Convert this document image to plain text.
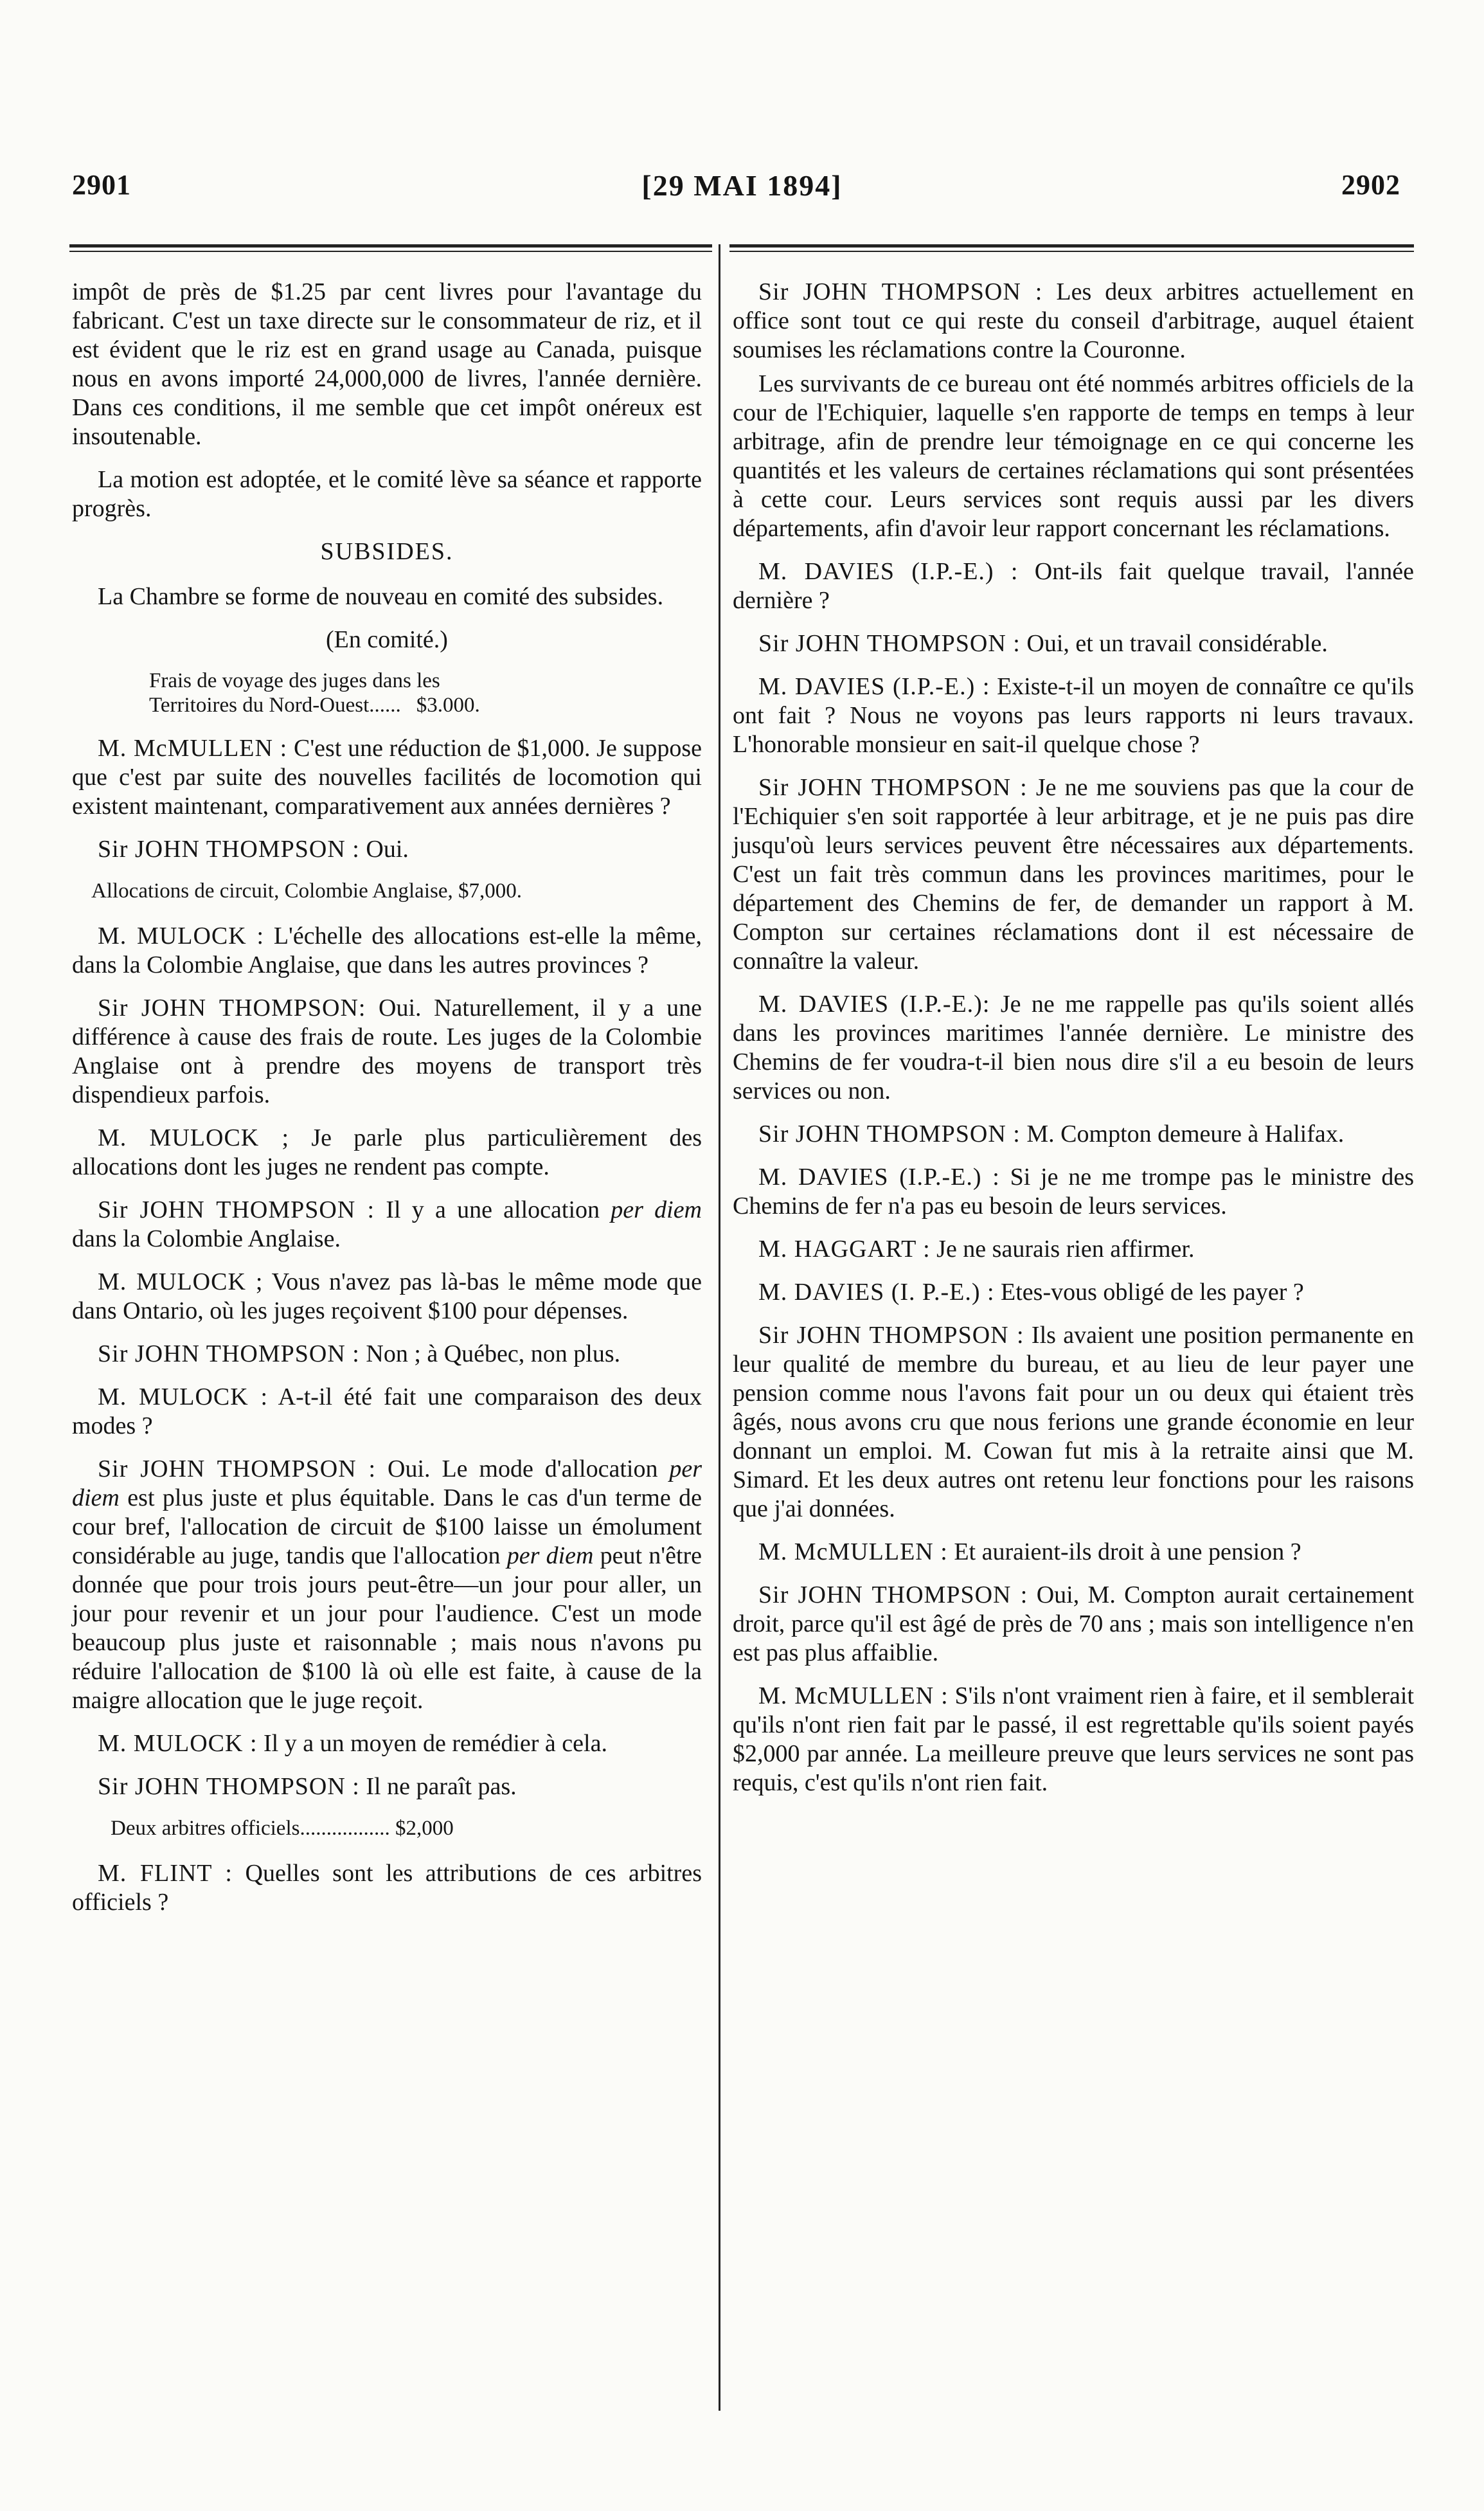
2901	[29 MAI 1894]	2902

impôt de près de $1.25 par cent livres pour l'avantage du fabricant. C'est un taxe directe sur le consommateur de riz, et il est évident que le riz est en grand usage au Canada, puisque nous en avons importé 24,000,000 de livres, l'année dernière. Dans ces conditions, il me semble que cet impôt onéreux est insoutenable.

La motion est adoptée, et le comité lève sa séance et rapporte progrès.

SUBSIDES.

La Chambre se forme de nouveau en comité des subsides.

(En comité.)

Frais de voyage des juges dans les
Territoires du Nord-Ouest...... $3.000.

M. McMULLEN : C'est une réduction de $1,000. Je suppose que c'est par suite des nouvelles facilités de locomotion qui existent maintenant, comparativement aux années dernières ?

Sir JOHN THOMPSON : Oui.

Allocations de circuit, Colombie Anglaise, $7,000.

M. MULOCK : L'échelle des allocations est-elle la même, dans la Colombie Anglaise, que dans les autres provinces ?

Sir JOHN THOMPSON: Oui. Naturellement, il y a une différence à cause des frais de route. Les juges de la Colombie Anglaise ont à prendre des moyens de transport très dispendieux parfois.

M. MULOCK ; Je parle plus particulièrement des allocations dont les juges ne rendent pas compte.

Sir JOHN THOMPSON : Il y a une allocation per diem dans la Colombie Anglaise.

M. MULOCK ; Vous n'avez pas là-bas le même mode que dans Ontario, où les juges reçoivent $100 pour dépenses.

Sir JOHN THOMPSON : Non ; à Québec, non plus.

M. MULOCK : A-t-il été fait une comparaison des deux modes ?

Sir JOHN THOMPSON : Oui. Le mode d'allocation per diem est plus juste et plus équitable. Dans le cas d'un terme de cour bref, l'allocation de circuit de $100 laisse un émolument considérable au juge, tandis que l'allocation per diem peut n'être donnée que pour trois jours peut-être—un jour pour aller, un jour pour revenir et un jour pour l'audience. C'est un mode beaucoup plus juste et raisonnable ; mais nous n'avons pu réduire l'allocation de $100 là où elle est faite, à cause de la maigre allocation que le juge reçoit.

M. MULOCK : Il y a un moyen de remédier à cela.

Sir JOHN THOMPSON : Il ne paraît pas.

Deux arbitres officiels................. $2,000

M. FLINT : Quelles sont les attributions de ces arbitres officiels ?

Sir JOHN THOMPSON : Les deux arbitres actuellement en office sont tout ce qui reste du conseil d'arbitrage, auquel étaient soumises les réclamations contre la Couronne.

Les survivants de ce bureau ont été nommés arbitres officiels de la cour de l'Echiquier, laquelle s'en rapporte de temps en temps à leur arbitrage, afin de prendre leur témoignage en ce qui concerne les quantités et les valeurs de certaines réclamations qui sont présentées à cette cour. Leurs services sont requis aussi par les divers départements, afin d'avoir leur rapport concernant les réclamations.

M. DAVIES (I.P.-E.) : Ont-ils fait quelque travail, l'année dernière ?

Sir JOHN THOMPSON : Oui, et un travail considérable.

M. DAVIES (I.P.-E.) : Existe-t-il un moyen de connaître ce qu'ils ont fait ? Nous ne voyons pas leurs rapports ni leurs travaux. L'honorable monsieur en sait-il quelque chose ?

Sir JOHN THOMPSON : Je ne me souviens pas que la cour de l'Echiquier s'en soit rapportée à leur arbitrage, et je ne puis pas dire jusqu'où leurs services peuvent être nécessaires aux départements. C'est un fait très commun dans les provinces maritimes, pour le département des Chemins de fer, de demander un rapport à M. Compton sur certaines réclamations dont il est nécessaire de connaître la valeur.

M. DAVIES (I.P.-E.): Je ne me rappelle pas qu'ils soient allés dans les provinces maritimes l'année dernière. Le ministre des Chemins de fer voudra-t-il bien nous dire s'il a eu besoin de leurs services ou non.

Sir JOHN THOMPSON : M. Compton demeure à Halifax.

M. DAVIES (I.P.-E.) : Si je ne me trompe pas le ministre des Chemins de fer n'a pas eu besoin de leurs services.

M. HAGGART : Je ne saurais rien affirmer.

M. DAVIES (I. P.-E.) : Etes-vous obligé de les payer ?

Sir JOHN THOMPSON : Ils avaient une position permanente en leur qualité de membre du bureau, et au lieu de leur payer une pension comme nous l'avons fait pour un ou deux qui étaient très âgés, nous avons cru que nous ferions une grande économie en leur donnant un emploi. M. Cowan fut mis à la retraite ainsi que M. Simard. Et les deux autres ont retenu leur fonctions pour les raisons que j'ai données.

M. McMULLEN : Et auraient-ils droit à une pension ?

Sir JOHN THOMPSON : Oui, M. Compton aurait certainement droit, parce qu'il est âgé de près de 70 ans ; mais son intelligence n'en est pas plus affaiblie.

M. McMULLEN : S'ils n'ont vraiment rien à faire, et il semblerait qu'ils n'ont rien fait par le passé, il est regrettable qu'ils soient payés $2,000 par année. La meilleure preuve que leurs services ne sont pas requis, c'est qu'ils n'ont rien fait.
